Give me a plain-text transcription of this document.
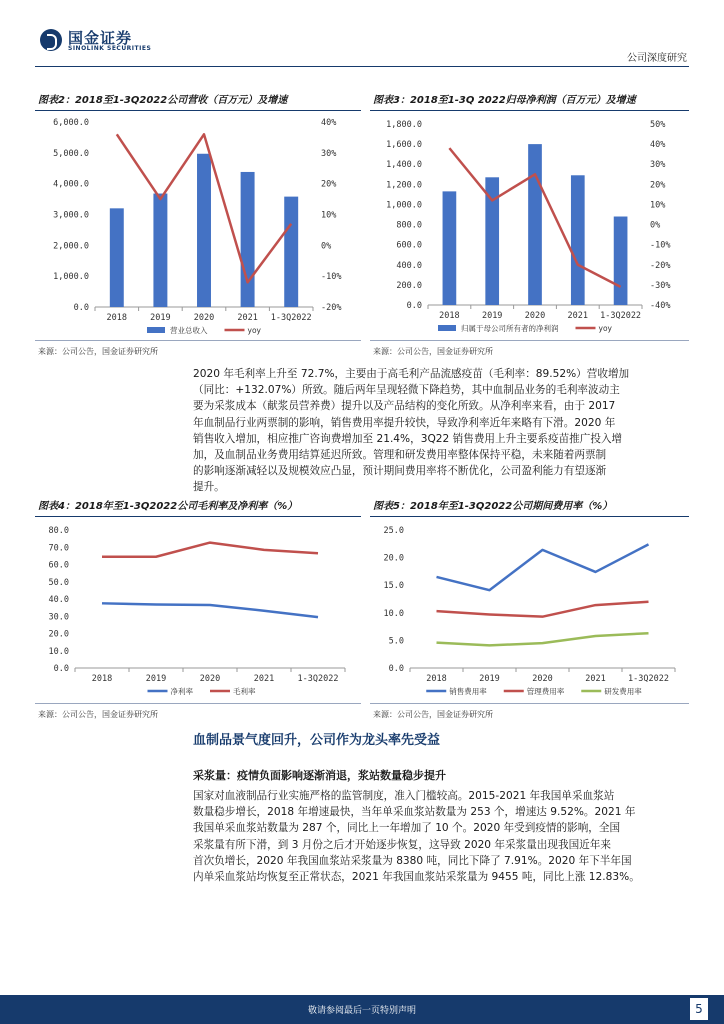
国金证券
SINOLINK SECURITIES
公司深度研究
图表2：2018至1-3Q2022公司营收（百万元）及增速
6,000.0
5,000.0
4,000.0
3,000.0
2,000.0
1,000.0
0.0
40%
30%
20%
10%
0%
-10%
-20%
2018	2019	2020	2021 1-3Q2022
营业总收入	yoy
来源：公司公告，国金证券研究所
图表3：2018至1-3Q 2022归母净利润（百万元）及增速
1,800.0
1,600.0
1,400.0
1,200.0
1,000.0
800.0
600.0
400.0
200.0
0.0
50%
40%
30%
20%
10%
0%
-10%
-20%
-30%
-40%
2018	2019	2020	2021 1-3Q2022
归属于母公司所有者的净利润	yoy
来源：公司公告，国金证券研究所
2020 年毛利率上升至 72.7%，主要由于高毛利产品流感疫苗（毛利率：89.52%）营收增加
（同比：+132.07%）所致。随后两年呈现轻微下降趋势，其中血制品业务的毛利率波动主
要为采浆成本（献浆员营养费）提升以及产品结构的变化所致。从净利率来看，由于 2017
年血制品行业两票制的影响，销售费用率提升较快，导致净利率近年来略有下滑。2020 年
销售收入增加，相应推广咨询费增加至 21.4%，3Q22 销售费用上升主要系疫苗推广投入增
加，及血制品业务费用结算延迟所致。管理和研发费用率整体保持平稳，未来随着两票制
的影响逐渐减轻以及规模效应凸显，预计期间费用率将不断优化，公司盈利能力有望逐渐
提升。
图表4：2018年至1-3Q2022公司毛利率及净利率（%）
80.0
70.0
60.0
50.0
40.0
30.0
20.0
10.0
0.0
2018	2019	2020	2021	1-3Q2022
净利率	毛利率
来源：公司公告，国金证券研究所
图表5：2018年至1-3Q2022公司期间费用率（%）
25.0
20.0
15.0
10.0
5.0
0.0
2018	2019	2020	2021	1-3Q2022
销售费用率	管理费用率	研发费用率
来源：公司公告，国金证券研究所
血制品景气度回升，公司作为龙头率先受益
采浆量：疫情负面影响逐渐消退，浆站数量稳步提升
国家对血液制品行业实施严格的监管制度，准入门槛较高。2015-2021 年我国单采血浆站
数量稳步增长，2018 年增速最快，当年单采血浆站数量为 253 个，增速达 9.52%。2021 年
我国单采血浆站数量为 287 个，同比上一年增加了 10 个。2020 年受到疫情的影响，全国
采浆量有所下滑，到 3 月份之后才开始逐步恢复，这导致 2020 年采浆量出现我国近年来
首次负增长，2020 年我国血浆站采浆量为 8380 吨，同比下降了 7.91%。2020 年下半年国
内单采血浆站均恢复至正常状态，2021 年我国血浆站采浆量为 9455 吨，同比上涨 12.83%。
敬请参阅最后一页特别声明	5
